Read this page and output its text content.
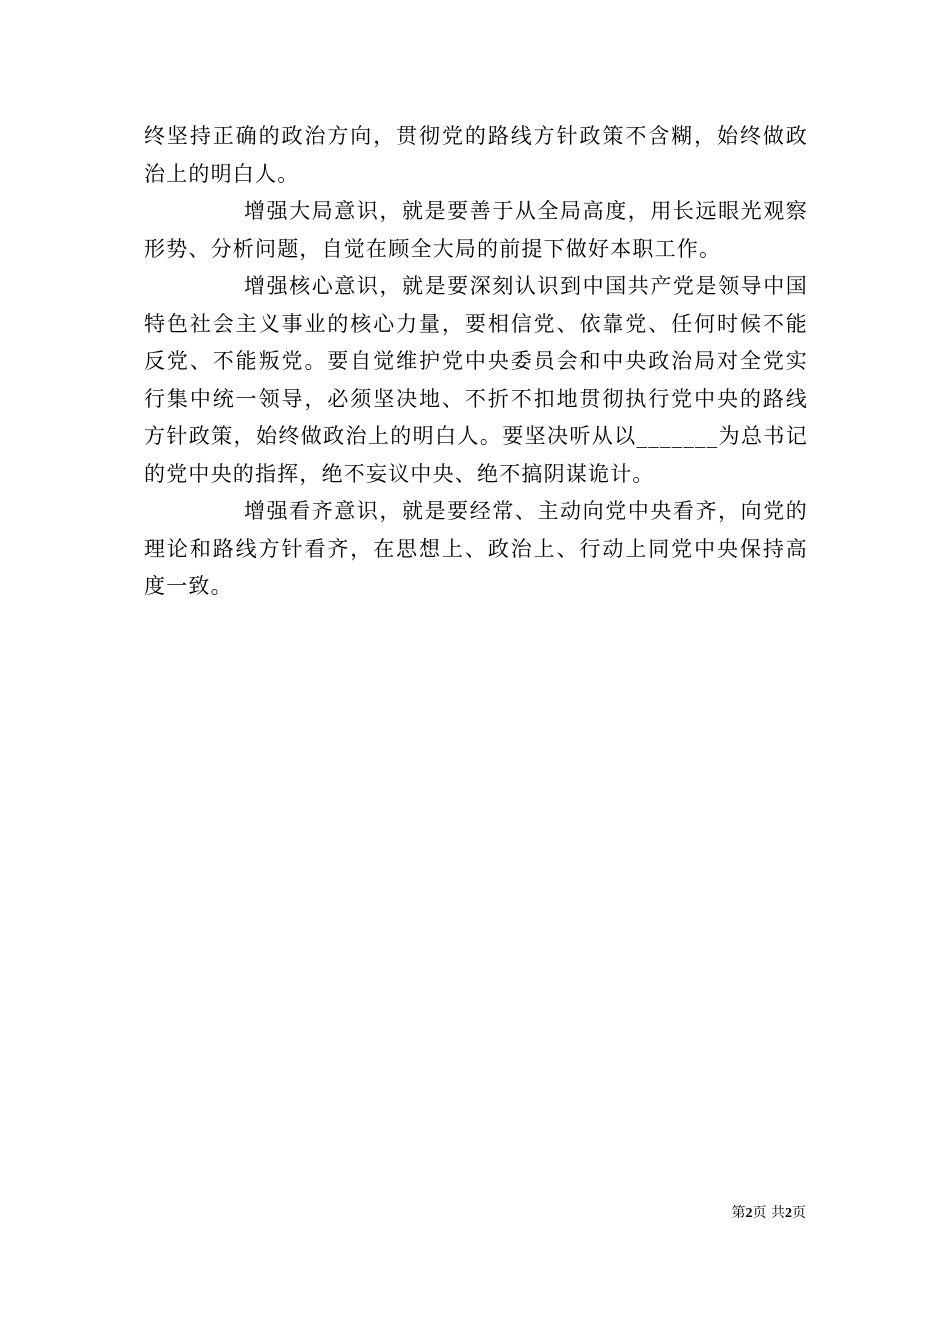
终坚持正确的政治方向，贯彻党的路线方针政策不含糊，始终做政治上的明白人。

增强大局意识，就是要善于从全局高度，用长远眼光观察形势、分析问题，自觉在顾全大局的前提下做好本职工作。

增强核心意识，就是要深刻认识到中国共产党是领导中国特色社会主义事业的核心力量，要相信党、依靠党、任何时候不能反党、不能叛党。要自觉维护党中央委员会和中央政治局对全党实行集中统一领导，必须坚决地、不折不扣地贯彻执行党中央的路线方针政策，始终做政治上的明白人。要坚决听从以_______为总书记的党中央的指挥，绝不妄议中央、绝不搞阴谋诡计。

增强看齐意识，就是要经常、主动向党中央看齐，向党的理论和路线方针看齐，在思想上、政治上、行动上同党中央保持高度一致。

第2页 共2页
